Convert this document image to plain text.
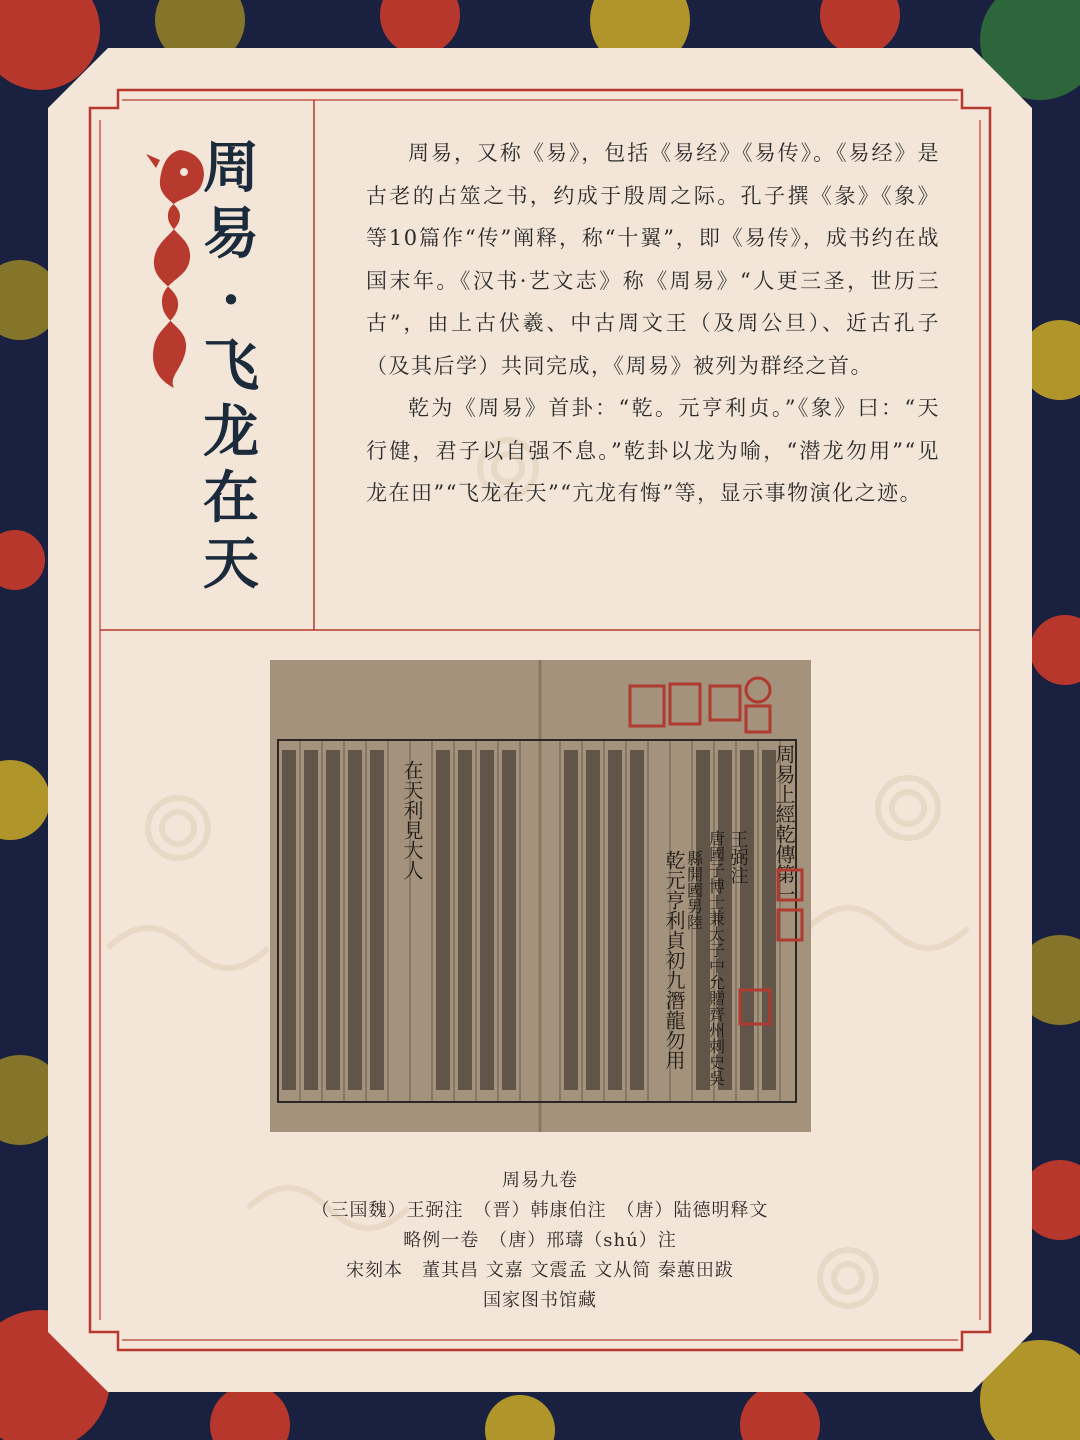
周
易
·
飞
龙
在
天

周易，又称《易》，包括《易经》《易传》。《易经》是古老的占筮之书，约成于殷周之际。孔子撰《彖》《象》等10篇作“传”阐释，称“十翼”，即《易传》，成书约在战国末年。《汉书·艺文志》称《周易》“人更三圣，世历三古”，由上古伏羲、中古周文王（及周公旦）、近古孔子（及其后学）共同完成，《周易》被列为群经之首。

乾为《周易》首卦：“乾。元亨利贞。”《象》曰：“天行健，君子以自强不息。”乾卦以龙为喻，“潜龙勿用”“见龙在田”“飞龙在天”“亢龙有悔”等，显示事物演化之迹。

在天利見大人
乾元亨利貞初九潛龍勿用
周易上經乾傳第一
王弼注
唐國子博士兼太子中允贈齊州刺史吳
縣開國男陸
周易九卷
（三国魏）王弼注　（晋）韩康伯注　（唐）陆德明释文
略例一卷　（唐）邢璹（shú）注
宋刻本　董其昌 文嘉 文震孟 文从简 秦蕙田跋
国家图书馆藏
